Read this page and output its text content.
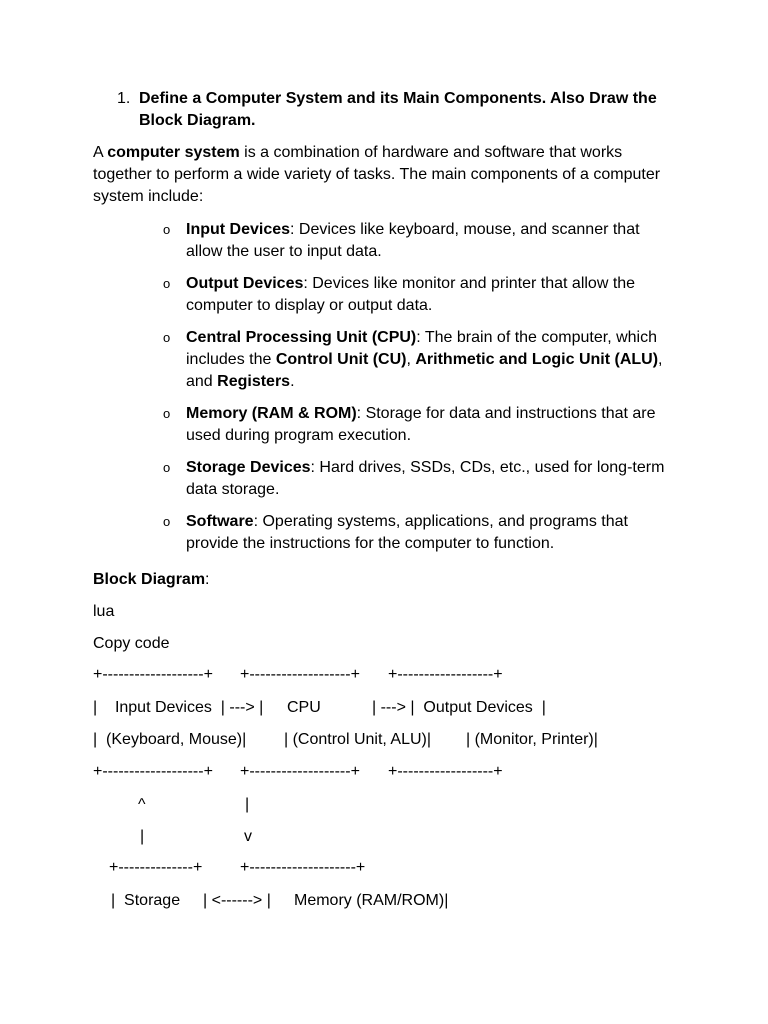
1. Define a Computer System and its Main Components. Also Draw the Block Diagram.
A computer system is a combination of hardware and software that works together to perform a wide variety of tasks. The main components of a computer system include:
o Input Devices: Devices like keyboard, mouse, and scanner that allow the user to input data.
o Output Devices: Devices like monitor and printer that allow the computer to display or output data.
o Central Processing Unit (CPU): The brain of the computer, which includes the Control Unit (CU), Arithmetic and Logic Unit (ALU), and Registers.
o Memory (RAM & ROM): Storage for data and instructions that are used during program execution.
o Storage Devices: Hard drives, SSDs, CDs, etc., used for long-term data storage.
o Software: Operating systems, applications, and programs that provide the instructions for the computer to function.
Block Diagram:
lua
Copy code
+-------------------+ +-------------------+ +------------------+
|    Input Devices  | ---> | CPU	| ---> |  Output Devices  |
|  (Keyboard, Mouse)| | (Control Unit, ALU)| | (Monitor, Printer)|
+-------------------+ +-------------------+ +------------------+
^	|
|	v
+--------------+ +--------------------+
|  Storage | <------> | Memory (RAM/ROM)|
